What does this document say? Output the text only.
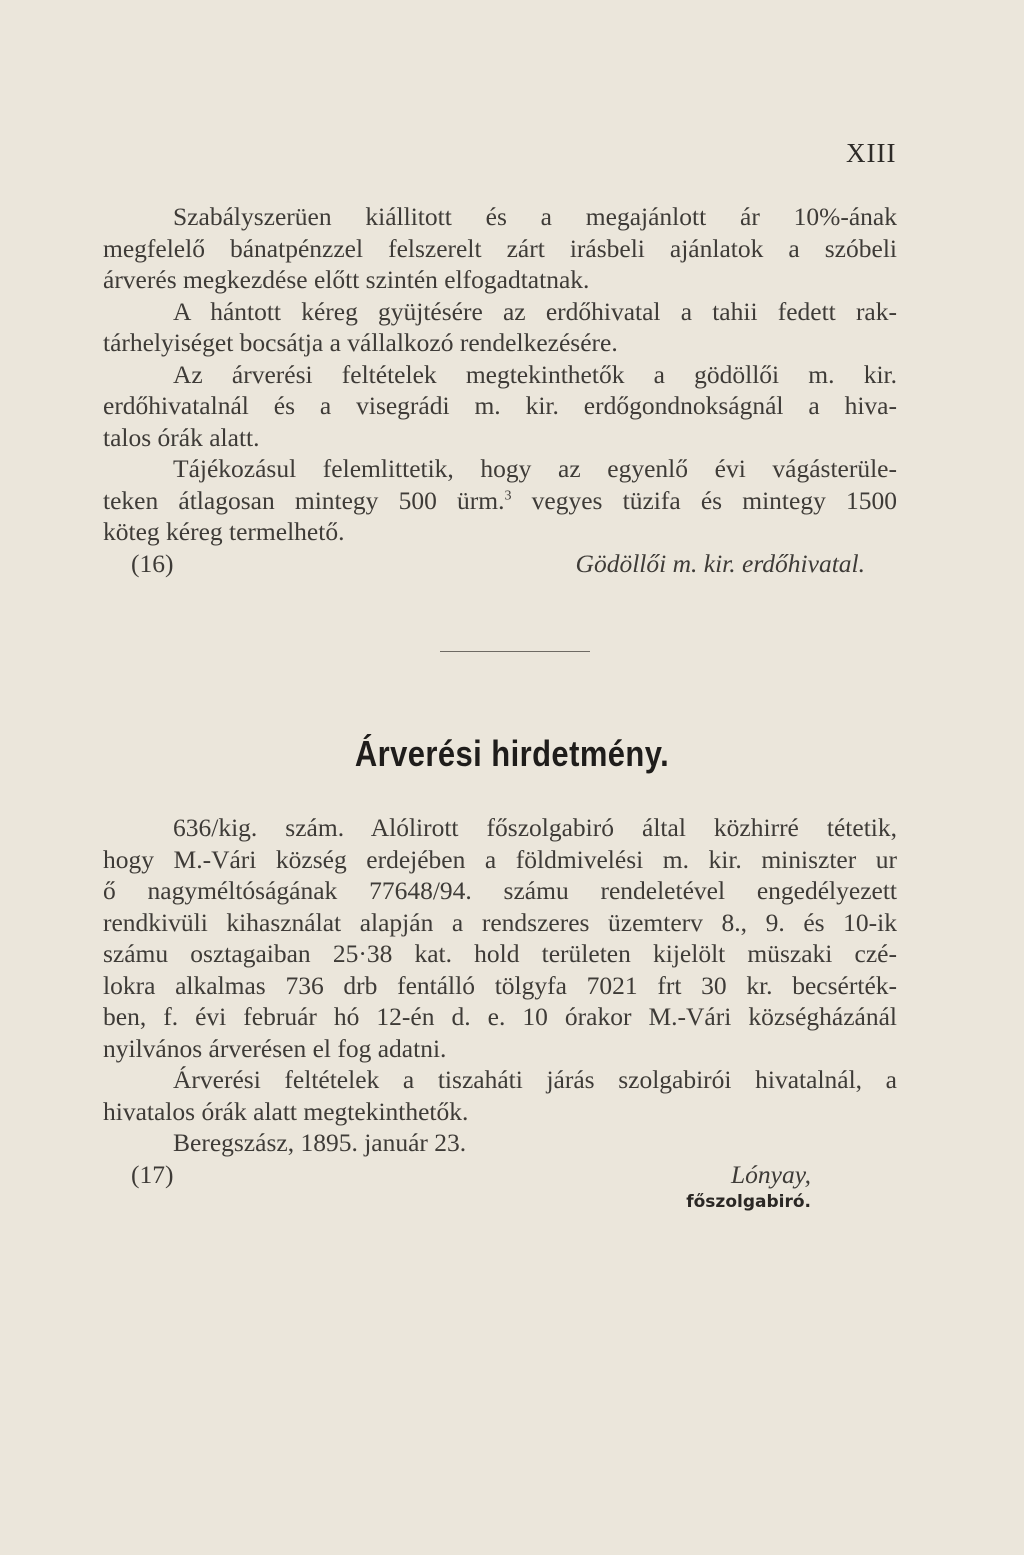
XIII
Szabályszerüen kiállitott és a megajánlott ár 10%-ának
megfelelő bánatpénzzel felszerelt zárt irásbeli ajánlatok a szóbeli
árverés megkezdése előtt szintén elfogadtatnak.
A hántott kéreg gyüjtésére az erdőhivatal a tahii fedett rak-
tárhelyiséget bocsátja a vállalkozó rendelkezésére.
Az árverési feltételek megtekinthetők a gödöllői m. kir.
erdőhivatalnál és a visegrádi m. kir. erdőgondnokságnál a hiva-
talos órák alatt.
Tájékozásul felemlittetik, hogy az egyenlő évi vágásterüle-
teken átlagosan mintegy 500 ürm.$^3$ vegyes tüzifa és mintegy 1500
köteg kéreg termelhető.
(16)	Gödöllői m. kir. erdőhivatal.
Árverési hirdetmény.
636/kig. szám. Alólirott főszolgabiró által közhirré tétetik,
hogy M.-Vári község erdejében a földmivelési m. kir. miniszter ur
ő nagyméltóságának 77648/94. számu rendeletével engedélyezett
rendkivüli kihasználat alapján a rendszeres üzemterv 8., 9. és 10-ik
számu osztagaiban 25·38 kat. hold területen kijelölt müszaki czé-
lokra alkalmas 736 drb fentálló tölgyfa 7021 frt 30 kr. becsérték-
ben, f. évi február hó 12-én d. e. 10 órakor M.-Vári községházánál
nyilvános árverésen el fog adatni.
Árverési feltételek a tiszaháti járás szolgabirói hivatalnál, a
hivatalos órák alatt megtekinthetők.
Beregszász, 1895. január 23.
(17)	Lónyay,
főszolgabiró.
